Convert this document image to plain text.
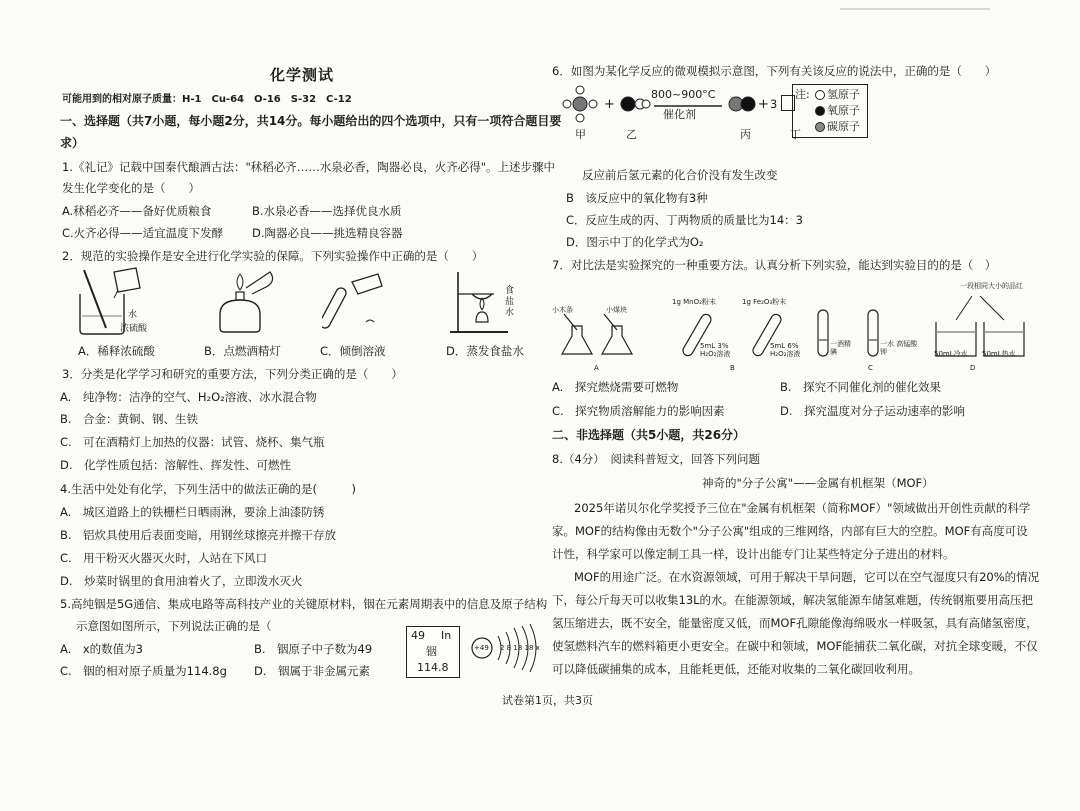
化学测试
可能用到的相对原子质量：H-1　Cu-64　O-16　S-32　C-12
一、选择题（共7小题，每小题2分，共14分。每小题给出的四个选项中，只有一项符合题目要
求）
1.《礼记》记载中国秦代酿酒古法："秫稻必齐……水泉必香，陶器必良，火齐必得"。上述步骤中
发生化学变化的是（　　）
A.秫稻必齐——备好优质粮食	B.水泉必香——选择优良水质
C.火齐必得——适宜温度下发酵	D.陶器必良——挑选精良容器
2．规范的实验操作是安全进行化学实验的保障。下列实验操作中正确的是（　　）
水
浓硫酸
食盐水
A．稀释浓硫酸	B．点燃酒精灯	C．倾倒溶液	D．蒸发食盐水
3．分类是化学学习和研究的重要方法，下列分类正确的是（　　）
A.　纯净物：洁净的空气、H₂O₂溶液、冰水混合物
B.　合金：黄铜、钢、生铁
C.　可在酒精灯上加热的仪器：试管、烧杯、集气瓶
D.　化学性质包括：溶解性、挥发性、可燃性
4.生活中处处有化学，下列生活中的做法正确的是(　　　)
A.　城区道路上的铁栅栏日晒雨淋，要涂上油漆防锈
B.　铝炊具使用后表面变暗，用钢丝球擦亮并擦干存放
C.　用干粉灭火器灭火时，人站在下风口
D.　炒菜时锅里的食用油着火了，立即泼水灭火
5.高纯铟是5G通信、集成电路等高科技产业的关键原材料，铟在元素周期表中的信息及原子结构
示意图如图所示，下列说法正确的是（
A.　x的数值为3	B.　铟原子中子数为49
C.　铟的相对原子质量为114.8g D.　铟属于非金属元素
49 In
铟
114.8
+49 2 8 18 18 x
6．如图为某化学反应的微观模拟示意图，下列有关该反应的说法中，正确的是（　　）
+	+
800~900°C
催化剂
3
甲	乙	丙	丁
注: 氢原子
氧原子
碳原子
反应前后氢元素的化合价没有发生改变
B　该反应中的氧化物有3种
C．反应生成的丙、丁两物质的质量比为14：3
D．图示中丁的化学式为O₂
7．对比法是实验探究的一种重要方法。认真分析下列实验，能达到实验目的的是（　）
一段相同大小的品红
小木条	小煤块
1g MnO₂粉末	1g Fe₂O₃粉末
5mL 3% H₂O₂溶液
5mL 6% H₂O₂溶液
一酒精 碘
一水 高锰酸钾	50mL冷水 50mL热水
A	B	C	D
A.　探究燃烧需要可燃物	B.　探究不同催化剂的催化效果
C.　探究物质溶解能力的影响因素	D.　探究温度对分子运动速率的影响
二、非选择题（共5小题，共26分）
8.（4分）　阅读科普短文，回答下列问题
神奇的"分子公寓"——金属有机框架（MOF）
2025年诺贝尔化学奖授予三位在"金属有机框架（简称MOF）"领域做出开创性贡献的科学
家。MOF的结构像由无数个"分子公寓"组成的三维网络，内部有巨大的空腔。MOF有高度可设
计性，科学家可以像定制工具一样，设计出能专门让某些特定分子进出的材料。
MOF的用途广泛。在水资源领域，可用于解决干旱问题，它可以在空气湿度只有20%的情况
下，每公斤每天可以收集13L的水。在能源领域，解决氢能源车储氢难题，传统钢瓶要用高压把
氢压缩进去，既不安全，能量密度又低，而MOF孔隙能像海绵吸水一样吸氢，具有高储氢密度，
使氢燃料汽车的燃料箱更小更安全。在碳中和领域，MOF能捕获二氧化碳，对抗全球变暖，不仅
可以降低碳捕集的成本，且能耗更低，还能对收集的二氧化碳回收利用。
试卷第1页，共3页
